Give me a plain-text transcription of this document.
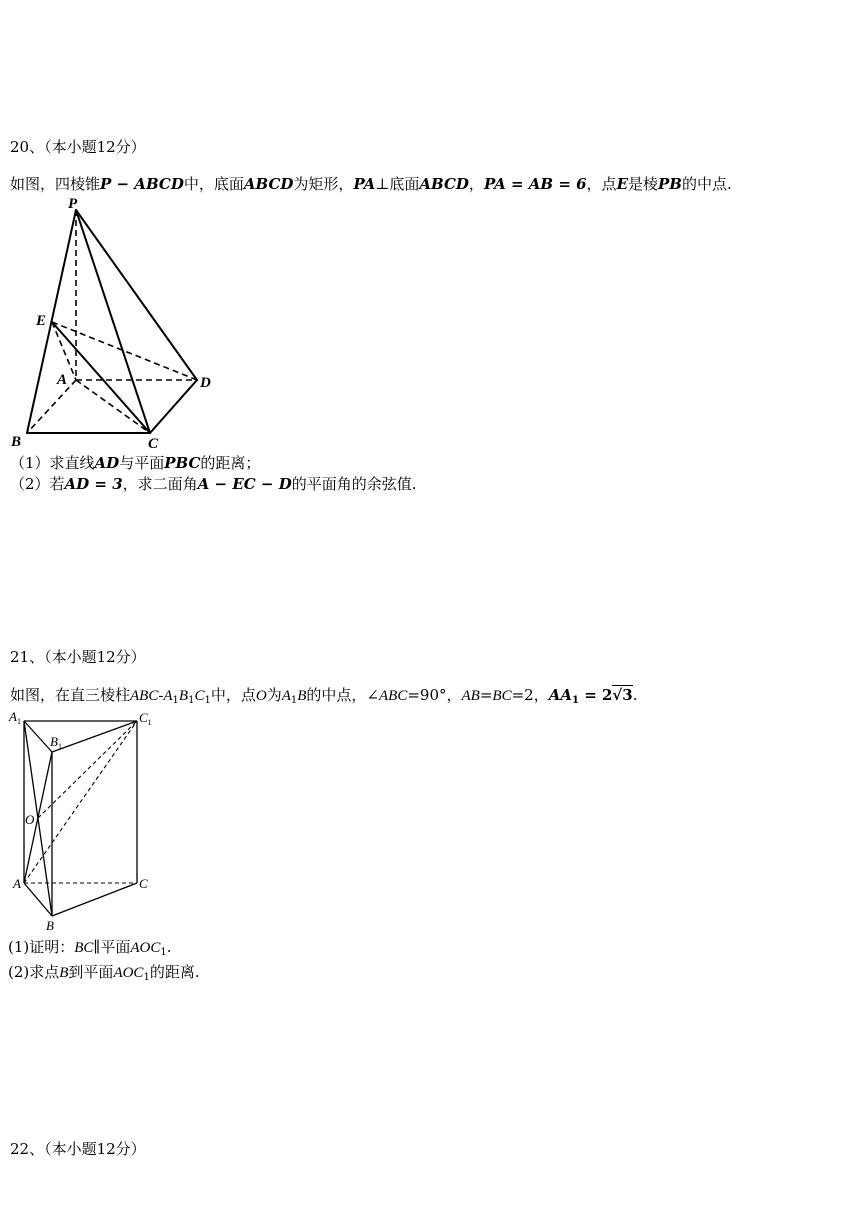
20、（本小题12分）
如图，四棱锥P − ABCD中，底面ABCD为矩形，PA⊥底面ABCD，PA = AB = 6，点E是棱PB的中点.
P
E
A	D
B	C
（1）求直线AD与平面PBC的距离；
（2）若AD = 3，求二面角A − EC − D的平面角的余弦值.
21、（本小题12分）
如图，在直三棱柱ABC-$A_1B_1C_1$中，点O为$A_1B$的中点，∠ABC=90°，AB=BC=2，$AA_1 = 2√3$.
$A_1$	$C_1$
$B_1$
O
A	C
B
(1)证明：BC∥平面$AOC_1$.
(2)求点B到平面$AOC_1$的距离.
22、（本小题12分）
